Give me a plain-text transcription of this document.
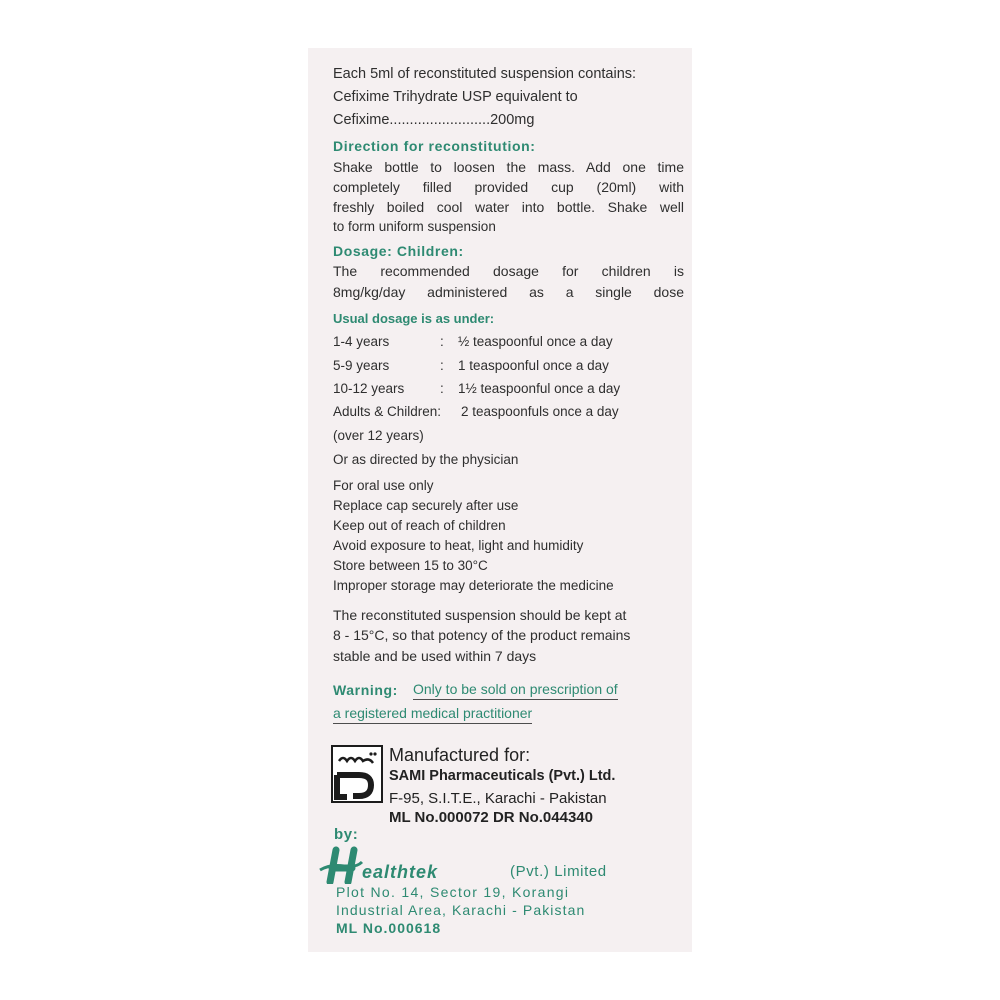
Each 5ml of reconstituted suspension contains:
Cefixime Trihydrate USP equivalent to
Cefixime.........................200mg
Direction for reconstitution:
Shake bottle to loosen the mass. Add one time
completely filled provided cup (20ml) with
freshly boiled cool water into bottle. Shake well
to form uniform suspension
Dosage: Children:
The recommended dosage for children is
8mg/kg/day administered as a single dose
Usual dosage is as under:
1-4 years	: ½ teaspoonful once a day
5-9 years	: 1 teaspoonful once a day
10-12 years	: 1½ teaspoonful once a day
Adults & Children: 2 teaspoonfuls once a day
(over 12 years)
Or as directed by the physician
For oral use only
Replace cap securely after use
Keep out of reach of children
Avoid exposure to heat, light and humidity
Store between 15 to 30°C
Improper storage may deteriorate the medicine
The reconstituted suspension should be kept at
8 - 15°C, so that potency of the product remains
stable and be used within 7 days
Warning: Only to be sold on prescription of
a registered medical practitioner
Manufactured for:
SAMI Pharmaceuticals (Pvt.) Ltd.
F-95, S.I.T.E., Karachi - Pakistan
ML No.000072 DR No.044340
by:
ealthtek	(Pvt.) Limited
Plot No. 14, Sector 19, Korangi
Industrial Area, Karachi - Pakistan
ML No.000618
